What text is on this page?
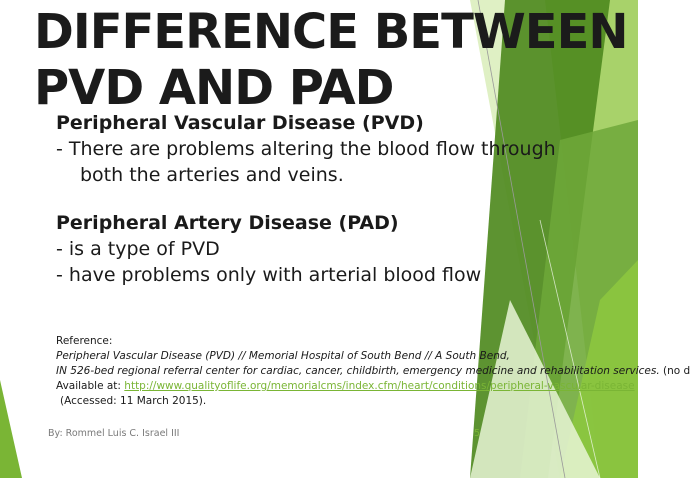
DIFFERENCE BETWEEN
PVD AND PAD
Peripheral Vascular Disease (PVD)
- There are problems altering the blood flow through
both the arteries and veins.
Peripheral Artery Disease (PAD)
- is a type of PVD
- have problems only with arterial blood flow
Reference:
Peripheral Vascular Disease (PVD) // Memorial Hospital of South Bend // A South Bend,
IN 526-bed regional referral center for cardiac, cancer, childbirth, emergency medicine and rehabilitation services. (no d
Available at: http://www.qualityoflife.org/memorialcms/index.cfm/heart/conditions/peripheral-vascular-disease
(Accessed: 11 March 2015).
By: Rommel Luis C. Israel III	5
